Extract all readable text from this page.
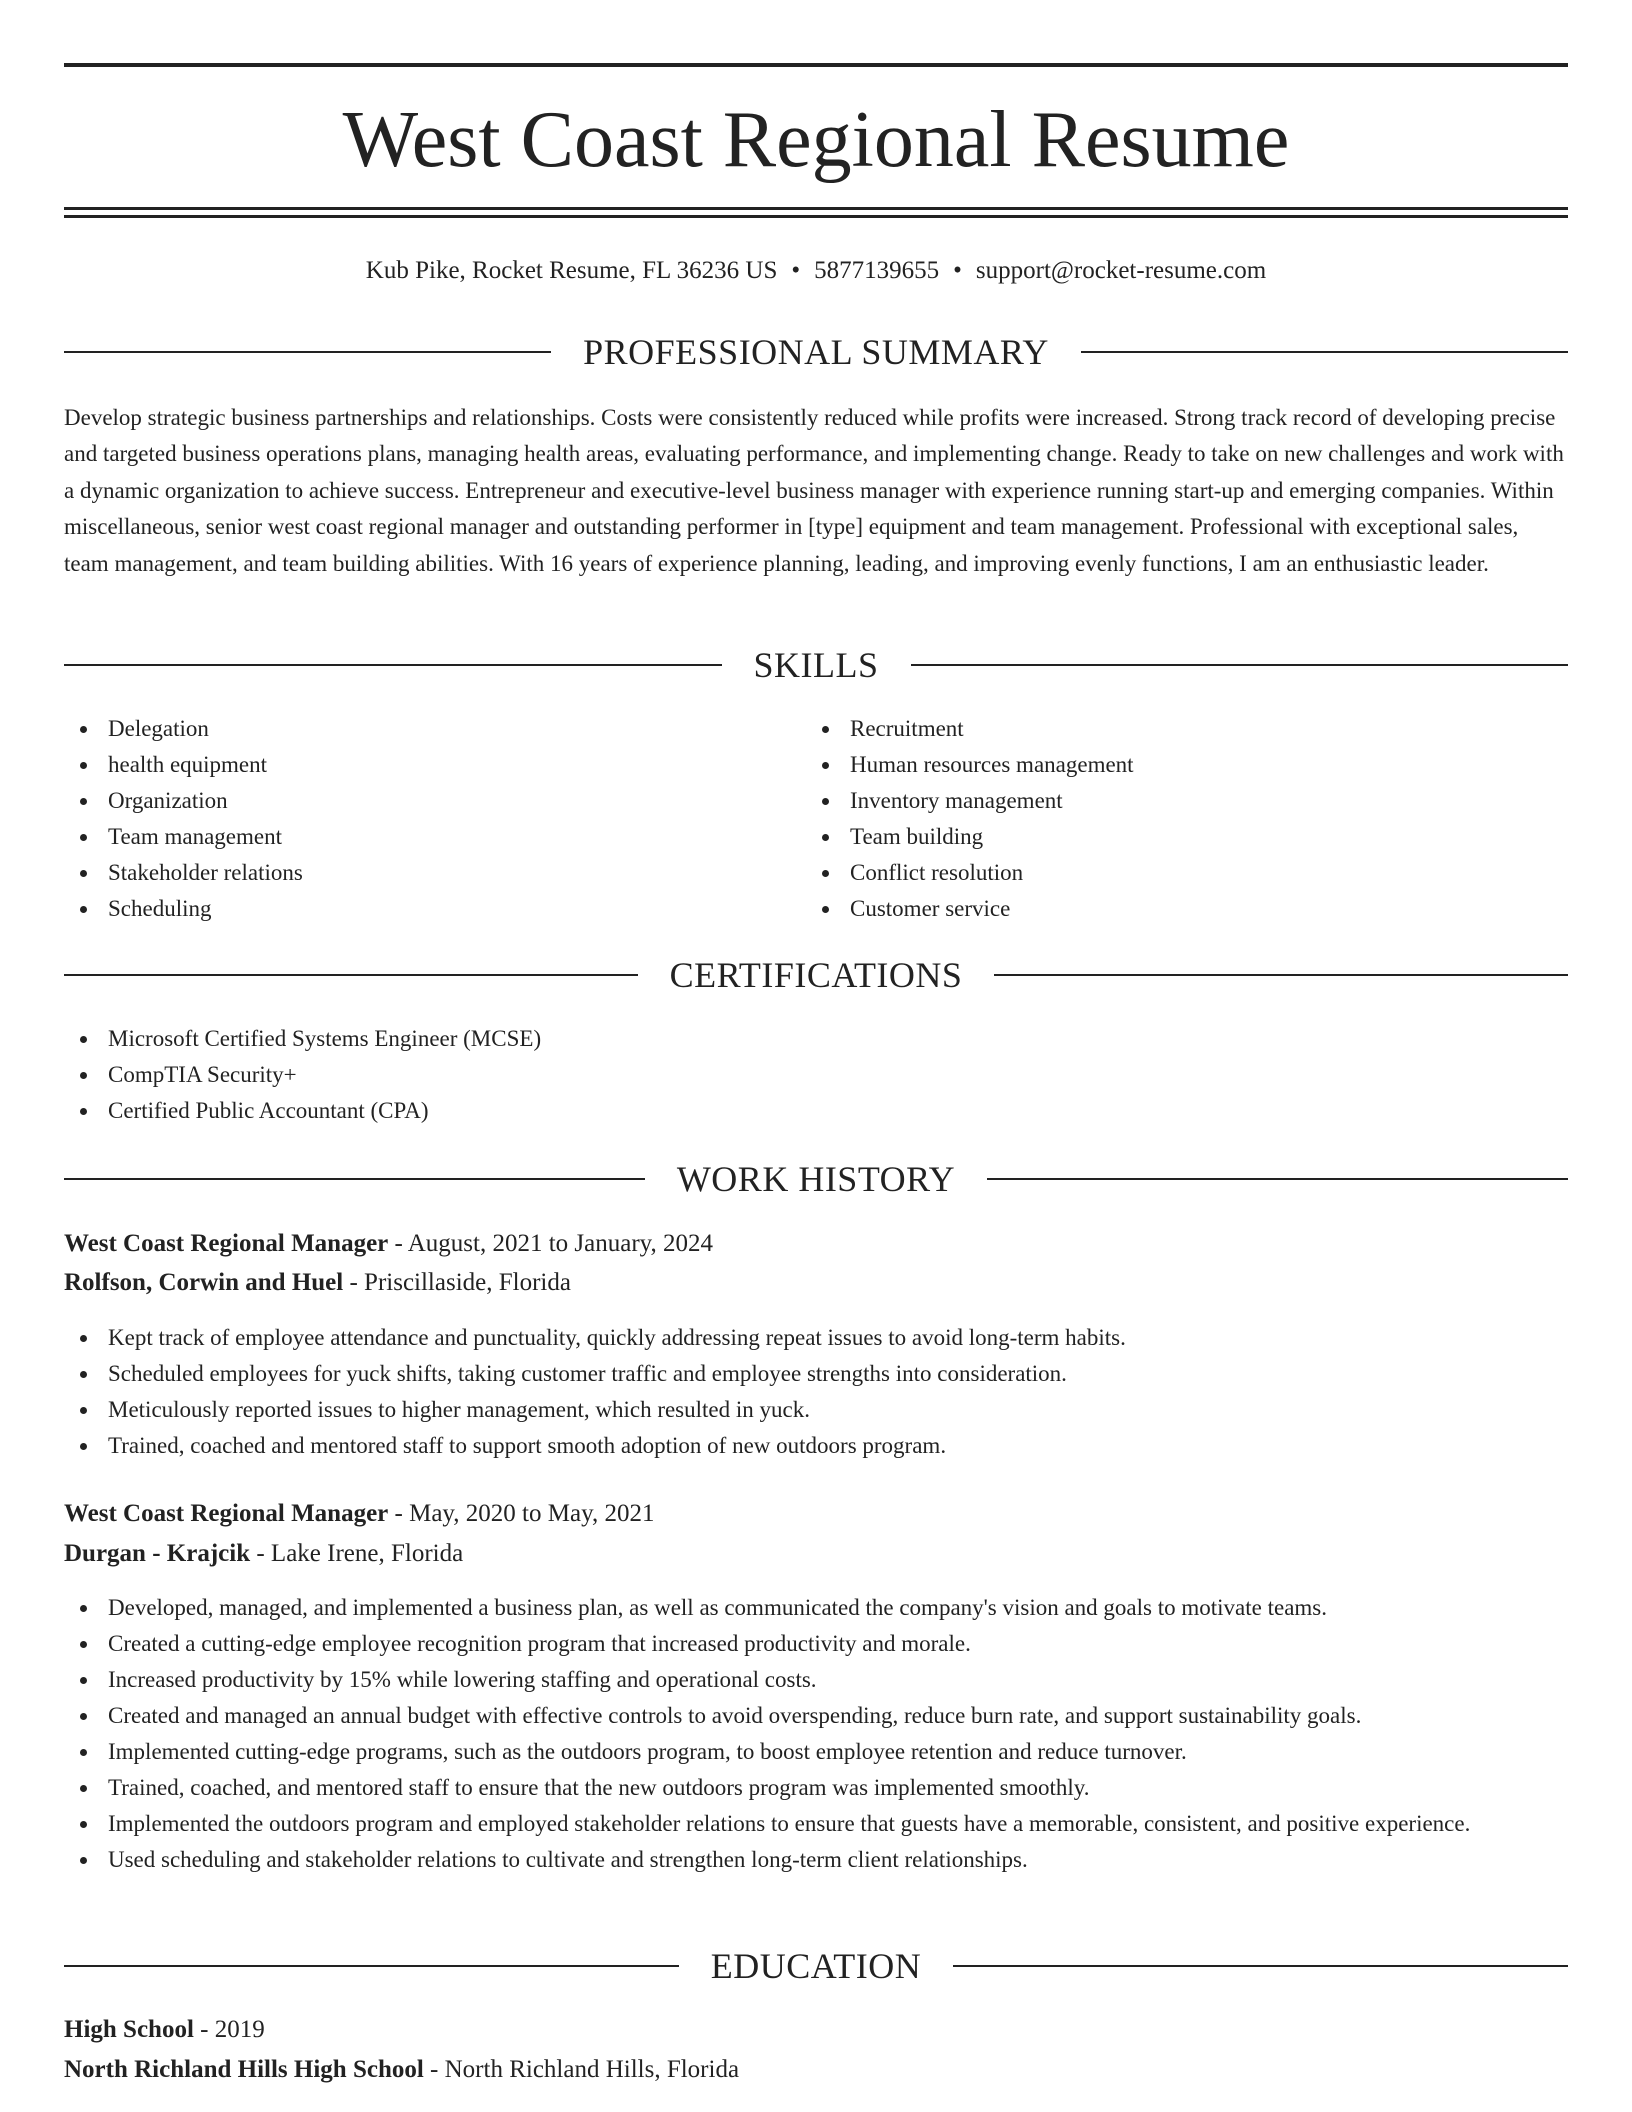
West Coast Regional Resume
Kub Pike, Rocket Resume, FL 36236 US • 5877139655 • support@rocket-resume.com
PROFESSIONAL SUMMARY

Develop strategic business partnerships and relationships. Costs were consistently reduced while profits were increased. Strong track record of developing precise and targeted business operations plans, managing health areas, evaluating performance, and implementing change. Ready to take on new challenges and work with a dynamic organization to achieve success. Entrepreneur and executive-level business manager with experience running start-up and emerging companies. Within miscellaneous, senior west coast regional manager and outstanding performer in [type] equipment and team management. Professional with exceptional sales, team management, and team building abilities. With 16 years of experience planning, leading, and improving evenly functions, I am an enthusiastic leader.

SKILLS
Delegation
health equipment
Organization
Team management
Stakeholder relations
Scheduling
Recruitment
Human resources management
Inventory management
Team building
Conflict resolution
Customer service
CERTIFICATIONS
Microsoft Certified Systems Engineer (MCSE)
CompTIA Security+
Certified Public Accountant (CPA)
WORK HISTORY
West Coast Regional Manager - August, 2021 to January, 2024
Rolfson, Corwin and Huel - Priscillaside, Florida
Kept track of employee attendance and punctuality, quickly addressing repeat issues to avoid long-term habits.
Scheduled employees for yuck shifts, taking customer traffic and employee strengths into consideration.
Meticulously reported issues to higher management, which resulted in yuck.
Trained, coached and mentored staff to support smooth adoption of new outdoors program.
West Coast Regional Manager - May, 2020 to May, 2021
Durgan - Krajcik - Lake Irene, Florida
Developed, managed, and implemented a business plan, as well as communicated the company's vision and goals to motivate teams.
Created a cutting-edge employee recognition program that increased productivity and morale.
Increased productivity by 15% while lowering staffing and operational costs.
Created and managed an annual budget with effective controls to avoid overspending, reduce burn rate, and support sustainability goals.
Implemented cutting-edge programs, such as the outdoors program, to boost employee retention and reduce turnover.
Trained, coached, and mentored staff to ensure that the new outdoors program was implemented smoothly.
Implemented the outdoors program and employed stakeholder relations to ensure that guests have a memorable, consistent, and positive experience.
Used scheduling and stakeholder relations to cultivate and strengthen long-term client relationships.
EDUCATION
High School - 2019
North Richland Hills High School - North Richland Hills, Florida
